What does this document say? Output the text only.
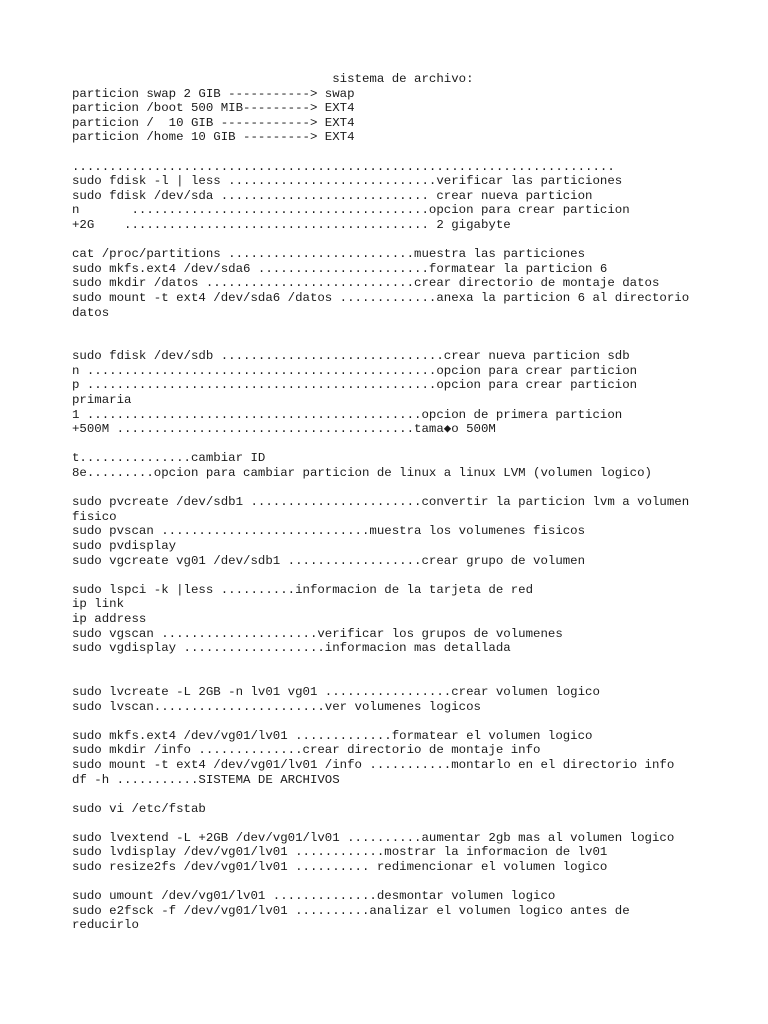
sistema de archivo:
particion swap 2 GIB -----------> swap
particion /boot 500 MIB---------> EXT4
particion /  10 GIB ------------> EXT4
particion /home 10 GIB ---------> EXT4
.........................................................................
sudo fdisk -l | less ............................verificar las particiones
sudo fdisk /dev/sda ............................ crear nueva particion
n       ........................................opcion para crear particion
+2G    ......................................... 2 gigabyte
cat /proc/partitions .........................muestra las particiones
sudo mkfs.ext4 /dev/sda6 .......................formatear la particion 6
sudo mkdir /datos ............................crear directorio de montaje datos
sudo mount -t ext4 /dev/sda6 /datos .............anexa la particion 6 al directorio
datos
sudo fdisk /dev/sdb ..............................crear nueva particion sdb
n ...............................................opcion para crear particion
p ...............................................opcion para crear particion
primaria
1 .............................................opcion de primera particion
+500M ........................................tama◆o 500M
t...............cambiar ID
8e.........opcion para cambiar particion de linux a linux LVM (volumen logico)
sudo pvcreate /dev/sdb1 .......................convertir la particion lvm a volumen
fisico
sudo pvscan ............................muestra los volumenes fisicos
sudo pvdisplay
sudo vgcreate vg01 /dev/sdb1 ..................crear grupo de volumen
sudo lspci -k |less ..........informacion de la tarjeta de red
ip link
ip address
sudo vgscan .....................verificar los grupos de volumenes
sudo vgdisplay ...................informacion mas detallada
sudo lvcreate -L 2GB -n lv01 vg01 .................crear volumen logico
sudo lvscan.......................ver volumenes logicos
sudo mkfs.ext4 /dev/vg01/lv01 .............formatear el volumen logico
sudo mkdir /info ..............crear directorio de montaje info
sudo mount -t ext4 /dev/vg01/lv01 /info ...........montarlo en el directorio info
df -h ...........SISTEMA DE ARCHIVOS
sudo vi /etc/fstab
sudo lvextend -L +2GB /dev/vg01/lv01 ..........aumentar 2gb mas al volumen logico
sudo lvdisplay /dev/vg01/lv01 ............mostrar la informacion de lv01
sudo resize2fs /dev/vg01/lv01 .......... redimencionar el volumen logico
sudo umount /dev/vg01/lv01 ..............desmontar volumen logico
sudo e2fsck -f /dev/vg01/lv01 ..........analizar el volumen logico antes de
reducirlo
